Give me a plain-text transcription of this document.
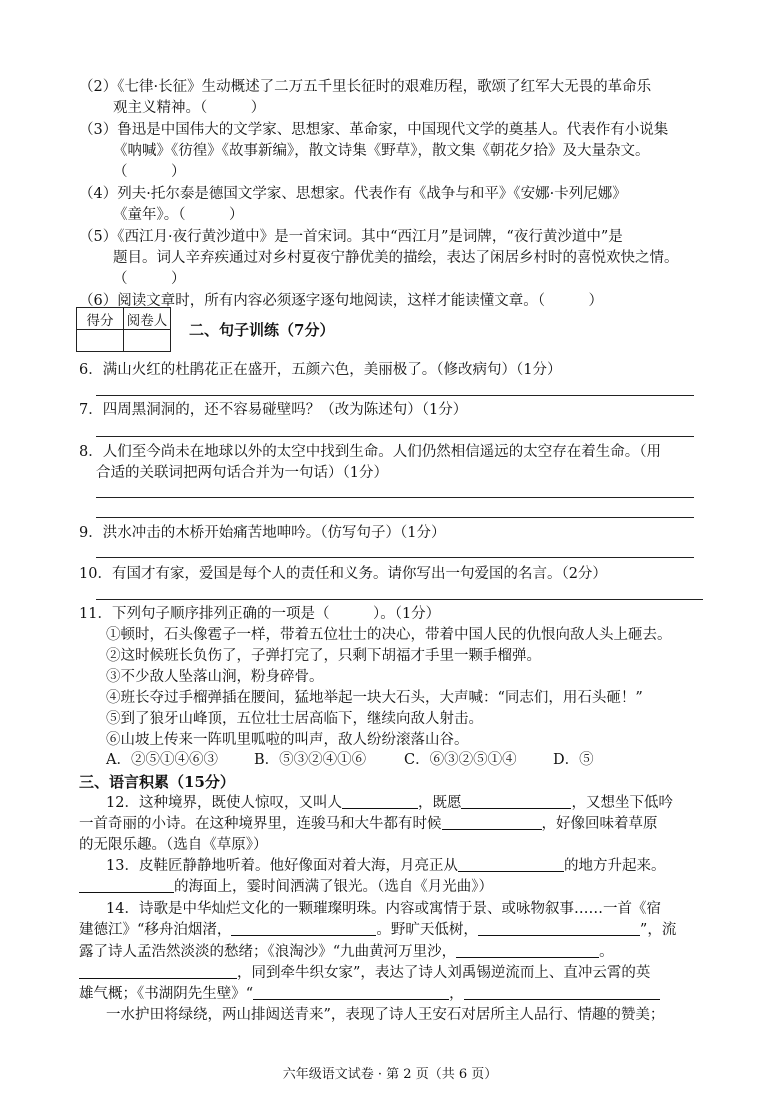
（2）《七律·长征》生动概述了二万五千里长征时的艰难历程，歌颂了红军大无畏的革命乐
观主义精神。（　　　）
（3）鲁迅是中国伟大的文学家、思想家、革命家，中国现代文学的奠基人。代表作有小说集
《呐喊》《彷徨》《故事新编》，散文诗集《野草》，散文集《朝花夕拾》及大量杂文。
（　　　）
（4）列夫·托尔泰是德国文学家、思想家。代表作有《战争与和平》《安娜·卡列尼娜》
《童年》。（　　　）
（5）《西江月·夜行黄沙道中》是一首宋词。其中“西江月”是词牌，“夜行黄沙道中”是
题目。词人辛弃疾通过对乡村夏夜宁静优美的描绘，表达了闲居乡村时的喜悦欢快之情。
（　　　）
（6）阅读文章时，所有内容必须逐字逐句地阅读，这样才能读懂文章。（　　　）
得分	阅卷人

二、句子训练（7分）
6．满山火红的杜鹃花正在盛开，五颜六色，美丽极了。（修改病句）（1分）
7．四周黑洞洞的，还不容易碰壁吗？（改为陈述句）（1分）
8．人们至今尚未在地球以外的太空中找到生命。人们仍然相信遥远的太空存在着生命。（用
合适的关联词把两句话合并为一句话）（1分）
9．洪水冲击的木桥开始痛苦地呻吟。（仿写句子）（1分）
10．有国才有家，爱国是每个人的责任和义务。请你写出一句爱国的名言。（2分）
11．下列句子顺序排列正确的一项是（　　　）。（1分）
①顿时，石头像雹子一样，带着五位壮士的决心，带着中国人民的仇恨向敌人头上砸去。
②这时候班长负伤了，子弹打完了，只剩下胡福才手里一颗手榴弹。
③不少敌人坠落山涧，粉身碎骨。
④班长夺过手榴弹插在腰间，猛地举起一块大石头，大声喊：“同志们，用石头砸！”
⑤到了狼牙山峰顶，五位壮士居高临下，继续向敌人射击。
⑥山坡上传来一阵叽里呱啦的叫声，敌人纷纷滚落山谷。
A．②⑤①④⑥③ B．⑤③②④①⑥	C．⑥③②⑤①④	D．⑤
三、语言积累（15分）
12．这种境界，既使人惊叹，又叫人	，既愿	，又想坐下低吟
一首奇丽的小诗。在这种境界里，连骏马和大牛都有时候	，好像回味着草原
的无限乐趣。（选自《草原》）
13．皮鞋匠静静地听着。他好像面对着大海，月亮正从	的地方升起来。
的海面上，霎时间洒满了银光。（选自《月光曲》）
14．诗歌是中华灿烂文化的一颗璀璨明珠。内容或寓情于景、或咏物叙事……一首《宿
建德江》“移舟泊烟渚，	。野旷天低树，	”，流
露了诗人孟浩然淡淡的愁绪；《浪淘沙》“九曲黄河万里沙，	。
，同到牵牛织女家”，表达了诗人刘禹锡逆流而上、直冲云霄的英
雄气概；《书湖阴先生壁》“	，
一水护田将绿绕，两山排闼送青来”，表现了诗人王安石对居所主人品行、情趣的赞美；
六年级语文试卷 · 第 2 页（共 6 页）
